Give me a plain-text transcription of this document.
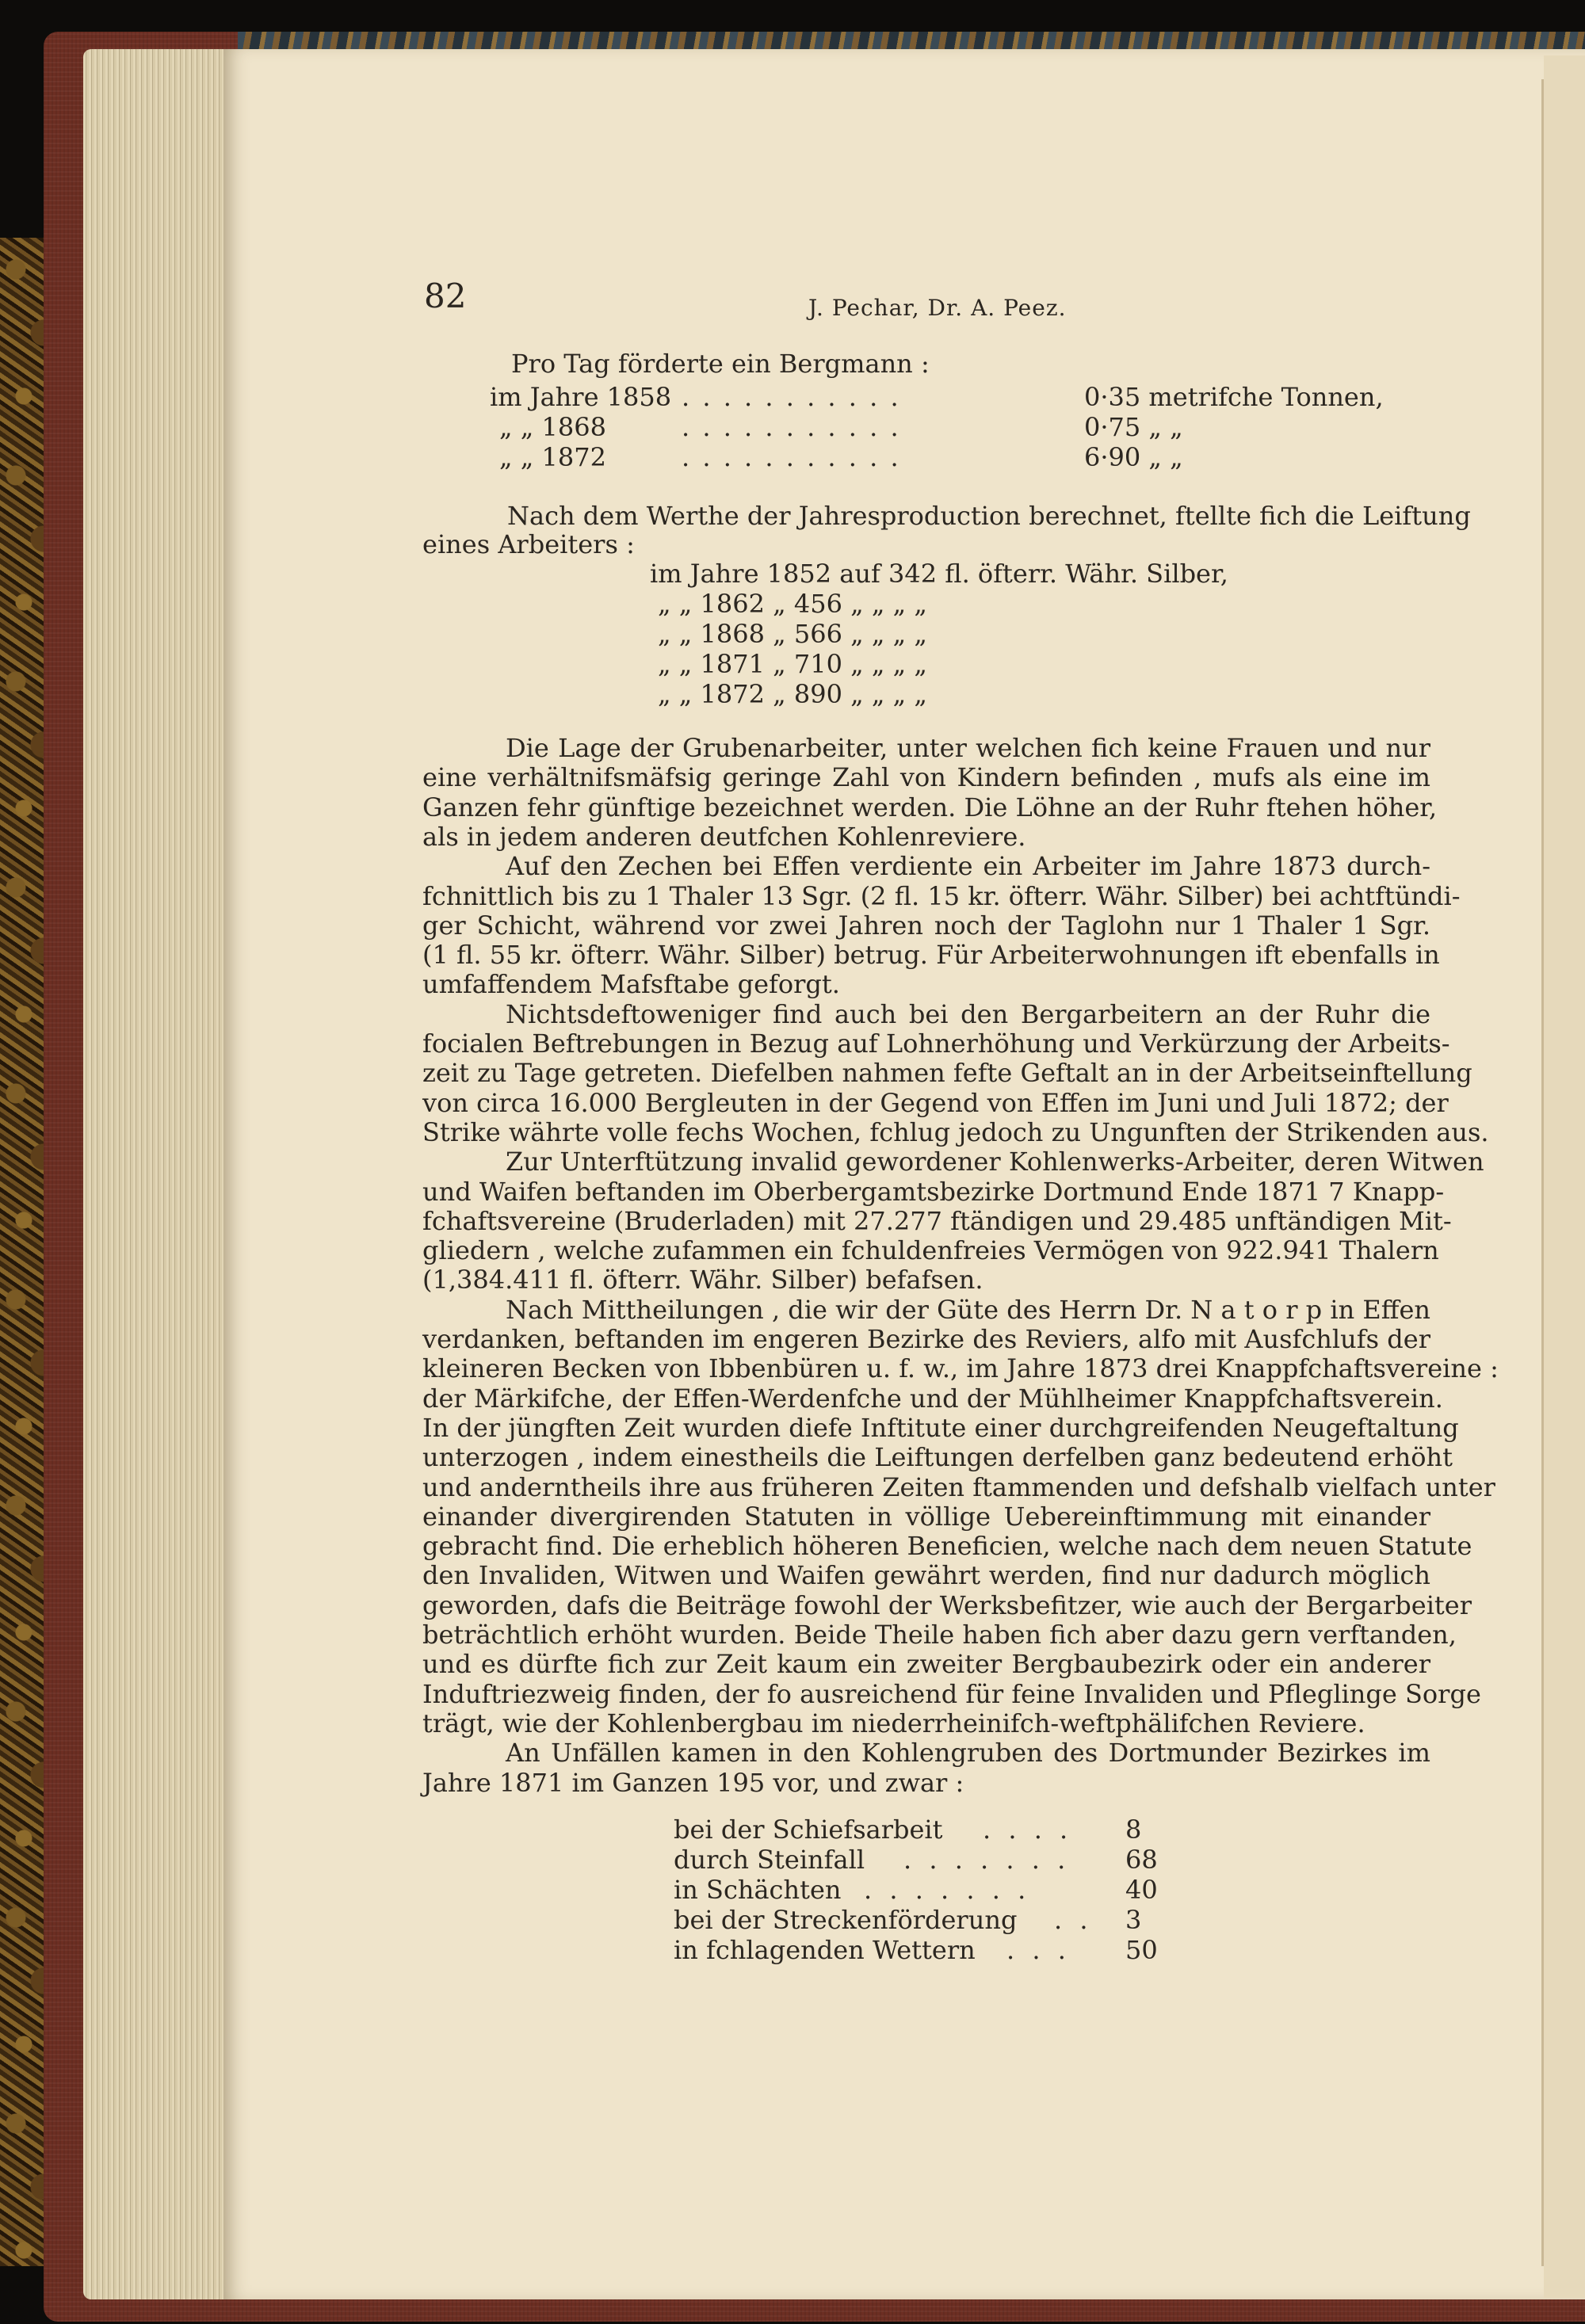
82	J. Pechar, Dr. A. Peez.
Pro Tag förderte ein Bergmann :
im Jahre 1858 . . . . . . . . . . .	0·35 metrifche Tonnen,
„ „ 1868	. . . . . . . . . . .	0·75 „ „
„ „ 1872	. . . . . . . . . . .	6·90 „ „
Nach dem Werthe der Jahresproduction berechnet, ftellte fich die Leiftung
eines Arbeiters :
im Jahre 1852 auf 342 fl. öfterr. Währ. Silber,
„ „ 1862 „ 456 „ „ „ „
„ „ 1868 „ 566 „ „ „ „
„ „ 1871 „ 710 „ „ „ „
„ „ 1872 „ 890 „ „ „ „
Die Lage der Grubenarbeiter, unter welchen fich keine Frauen und nur
eine verhältnifsmäfsig geringe Zahl von Kindern befinden , mufs als eine im
Ganzen fehr günftige bezeichnet werden. Die Löhne an der Ruhr ftehen höher,
als in jedem anderen deutfchen Kohlenreviere.
Auf den Zechen bei Effen verdiente ein Arbeiter im Jahre 1873 durch-
fchnittlich bis zu 1 Thaler 13 Sgr. (2 fl. 15 kr. öfterr. Währ. Silber) bei achtftündi-
ger Schicht, während vor zwei Jahren noch der Taglohn nur 1 Thaler 1 Sgr.
(1 fl. 55 kr. öfterr. Währ. Silber) betrug. Für Arbeiterwohnungen ift ebenfalls in
umfaffendem Mafsftabe geforgt.
Nichtsdeftoweniger find auch bei den Bergarbeitern an der Ruhr die
focialen Beftrebungen in Bezug auf Lohnerhöhung und Verkürzung der Arbeits-
zeit zu Tage getreten. Diefelben nahmen fefte Geftalt an in der Arbeitseinftellung
von circa 16.000 Bergleuten in der Gegend von Effen im Juni und Juli 1872; der
Strike währte volle fechs Wochen, fchlug jedoch zu Ungunften der Strikenden aus.
Zur Unterftützung invalid gewordener Kohlenwerks-Arbeiter, deren Witwen
und Waifen beftanden im Oberbergamtsbezirke Dortmund Ende 1871 7 Knapp-
fchaftsvereine (Bruderladen) mit 27.277 ftändigen und 29.485 unftändigen Mit-
gliedern , welche zufammen ein fchuldenfreies Vermögen von 922.941 Thalern
(1,384.411 fl. öfterr. Währ. Silber) befafsen.
Nach Mittheilungen , die wir der Güte des Herrn Dr. N a t o r p in Effen
verdanken, beftanden im engeren Bezirke des Reviers, alfo mit Ausfchlufs der
kleineren Becken von Ibbenbüren u. f. w., im Jahre 1873 drei Knappfchaftsvereine :
der Märkifche, der Effen-Werdenfche und der Mühlheimer Knappfchaftsverein.
In der jüngften Zeit wurden diefe Inftitute einer durchgreifenden Neugeftaltung
unterzogen , indem einestheils die Leiftungen derfelben ganz bedeutend erhöht
und anderntheils ihre aus früheren Zeiten ftammenden und defshalb vielfach unter
einander divergirenden Statuten in völlige Uebereinftimmung mit einander
gebracht find. Die erheblich höheren Beneficien, welche nach dem neuen Statute
den Invaliden, Witwen und Waifen gewährt werden, find nur dadurch möglich
geworden, dafs die Beiträge fowohl der Werksbefitzer, wie auch der Bergarbeiter
beträchtlich erhöht wurden. Beide Theile haben fich aber dazu gern verftanden,
und es dürfte fich zur Zeit kaum ein zweiter Bergbaubezirk oder ein anderer
Induftriezweig finden, der fo ausreichend für feine Invaliden und Pfleglinge Sorge
trägt, wie der Kohlenbergbau im niederrheinifch-weftphälifchen Reviere.
An Unfällen kamen in den Kohlengruben des Dortmunder Bezirkes im
Jahre 1871 im Ganzen 195 vor, und zwar :
bei der Schiefsarbeit . . . . 8
durch Steinfall . . . . . . . 68
in Schächten . . . . . . .	40
bei der Streckenförderung . . 3
in fchlagenden Wettern . . . 50
